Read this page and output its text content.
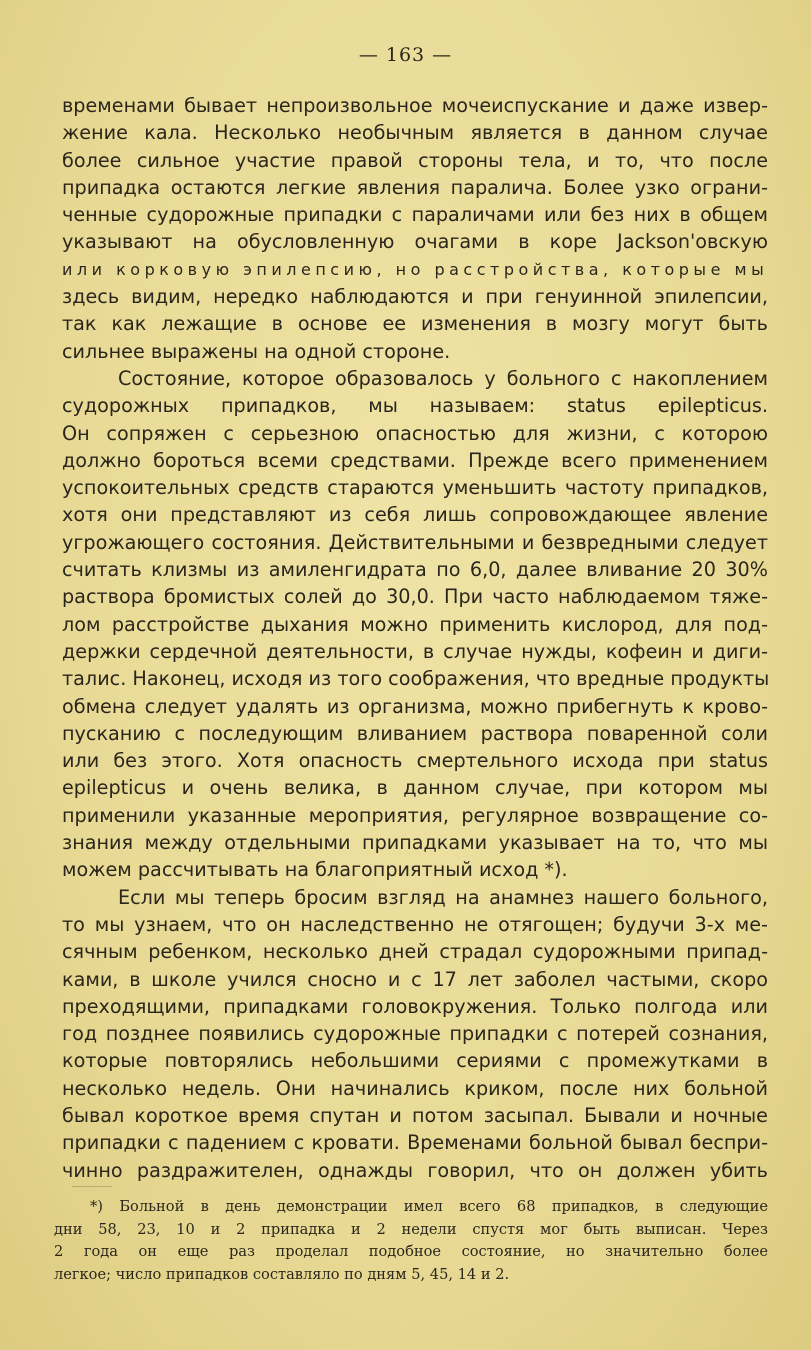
— 163 —
временами бывает непроизвольное мочеиспускание и даже извер-
жение кала. Несколько необычным является в данном случае
более сильное участие правой стороны тела, и то, что после
припадка остаются легкие явления паралича. Более узко ограни-
ченные судорожные припадки с параличами или без них в общем
указывают на обусловленную очагами в коре Jackson'овскую
или корковую эпилепсию, но расстройства, которые мы
здесь видим, нередко наблюдаются и при генуинной эпилепсии,
так как лежащие в основе ее изменения в мозгу могут быть
сильнее выражены на одной стороне.
Состояние, которое образовалось у больного с накоплением
судорожных припадков, мы называем: status epilepticus.
Он сопряжен с серьезною опасностью для жизни, с которою
должно бороться всеми средствами. Прежде всего применением
успокоительных средств стараются уменьшить частоту припадков,
хотя они представляют из себя лишь сопровождающее явление
угрожающего состояния. Действительными и безвредными следует
считать клизмы из амиленгидрата по 6,0, далее вливание 20 30%
раствора бромистых солей до 30,0. При часто наблюдаемом тяже-
лом расстройстве дыхания можно применить кислород, для под-
держки сердечной деятельности, в случае нужды, кофеин и диги-
талис. Наконец, исходя из того соображения, что вредные продукты
обмена следует удалять из организма, можно прибегнуть к крово-
пусканию с последующим вливанием раствора поваренной соли
или без этого. Хотя опасность смертельного исхода при status
epilepticus и очень велика, в данном случае, при котором мы
применили указанные мероприятия, регулярное возвращение со-
знания между отдельными припадками указывает на то, что мы
можем рассчитывать на благоприятный исход *).
Если мы теперь бросим взгляд на анамнез нашего больного,
то мы узнаем, что он наследственно не отягощен; будучи 3-х ме-
сячным ребенком, несколько дней страдал судорожными припад-
ками, в школе учился сносно и с 17 лет заболел частыми, скоро
преходящими, припадками головокружения. Только полгода или
год позднее появились судорожные припадки с потерей сознания,
которые повторялись небольшими сериями с промежутками в
несколько недель. Они начинались криком, после них больной
бывал короткое время спутан и потом засыпал. Бывали и ночные
припадки с падением с кровати. Временами больной бывал беспри-
чинно раздражителен, однажды говорил, что он должен убить
*) Больной в день демонстрации имел всего 68 припадков, в следующие
дни 58, 23, 10 и 2 припадка и 2 недели спустя мог быть выписан. Через
2 года он еще раз проделал подобное состояние, но значительно более
легкое; число припадков составляло по дням 5, 45, 14 и 2.
